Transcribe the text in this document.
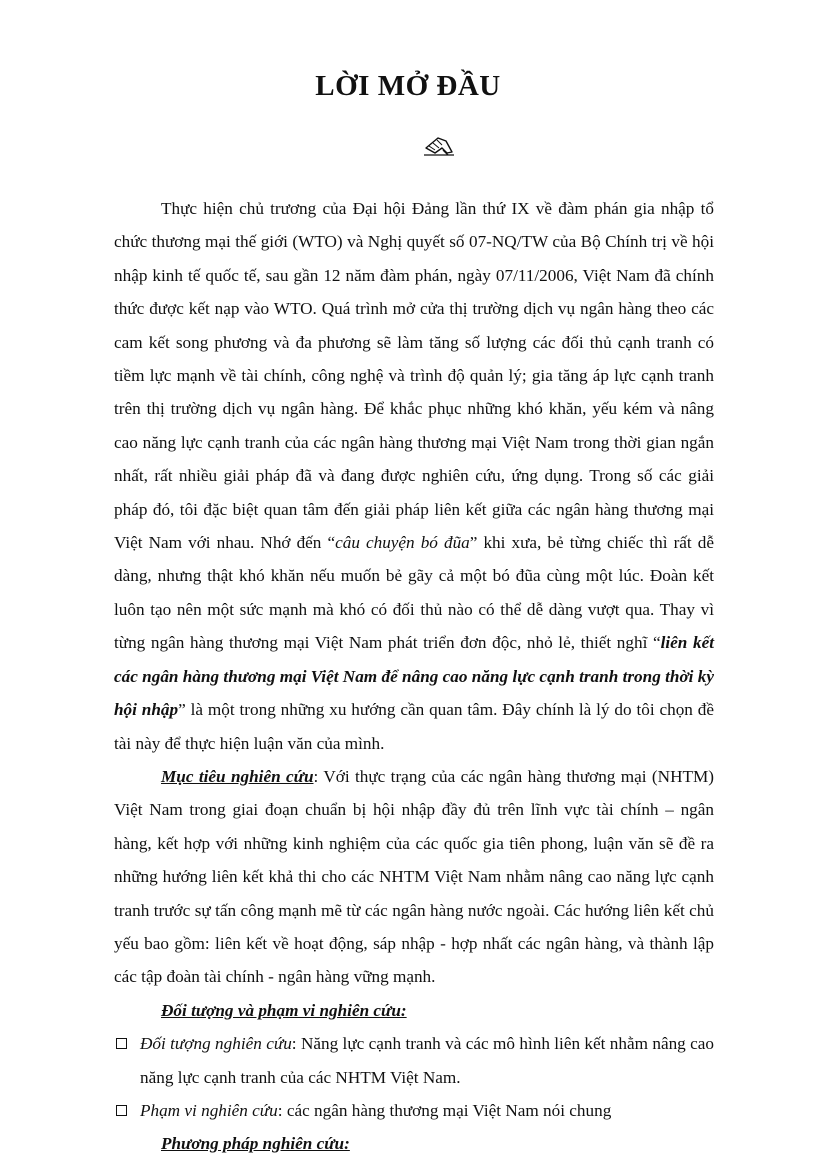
LỜI MỞ ĐẦU

Thực hiện chủ trương của Đại hội Đảng lần thứ IX về đàm phán gia nhập tổ chức thương mại thế giới (WTO) và Nghị quyết số 07-NQ/TW của Bộ Chính trị về hội nhập kinh tế quốc tế, sau gần 12 năm đàm phán, ngày 07/11/2006, Việt Nam đã chính thức được kết nạp vào WTO. Quá trình mở cửa thị trường dịch vụ ngân hàng theo các cam kết song phương và đa phương sẽ làm tăng số lượng các đối thủ cạnh tranh có tiềm lực mạnh về tài chính, công nghệ và trình độ quản lý; gia tăng áp lực cạnh tranh trên thị trường dịch vụ ngân hàng. Để khắc phục những khó khăn, yếu kém và nâng cao năng lực cạnh tranh của các ngân hàng thương mại Việt Nam trong thời gian ngắn nhất, rất nhiều giải pháp đã và đang được nghiên cứu, ứng dụng. Trong số các giải pháp đó, tôi đặc biệt quan tâm đến giải pháp liên kết giữa các ngân hàng thương mại Việt Nam với nhau. Nhớ đến “câu chuyện bó đũa” khi xưa, bẻ từng chiếc thì rất dễ dàng, nhưng thật khó khăn nếu muốn bẻ gãy cả một bó đũa cùng một lúc. Đoàn kết luôn tạo nên một sức mạnh mà khó có đối thủ nào có thể dễ dàng vượt qua. Thay vì từng ngân hàng thương mại Việt Nam phát triển đơn độc, nhỏ lẻ, thiết nghĩ “liên kết các ngân hàng thương mại Việt Nam để nâng cao năng lực cạnh tranh trong thời kỳ hội nhập” là một trong những xu hướng cần quan tâm. Đây chính là lý do tôi chọn đề tài này để thực hiện luận văn của mình.

Mục tiêu nghiên cứu: Với thực trạng của các ngân hàng thương mại (NHTM) Việt Nam trong giai đoạn chuẩn bị hội nhập đầy đủ trên lĩnh vực tài chính – ngân hàng, kết hợp với những kinh nghiệm của các quốc gia tiên phong, luận văn sẽ đề ra những hướng liên kết khả thi cho các NHTM Việt Nam nhằm nâng cao năng lực cạnh tranh trước sự tấn công mạnh mẽ từ các ngân hàng nước ngoài. Các hướng liên kết chủ yếu bao gồm: liên kết về hoạt động, sáp nhập - hợp nhất các ngân hàng, và thành lập các tập đoàn tài chính - ngân hàng vững mạnh.

Đối tượng và phạm vi nghiên cứu:

Đối tượng nghiên cứu: Năng lực cạnh tranh và các mô hình liên kết nhằm nâng cao năng lực cạnh tranh của các NHTM Việt Nam.

Phạm vi nghiên cứu: các ngân hàng thương mại Việt Nam nói chung

Phương pháp nghiên cứu:
